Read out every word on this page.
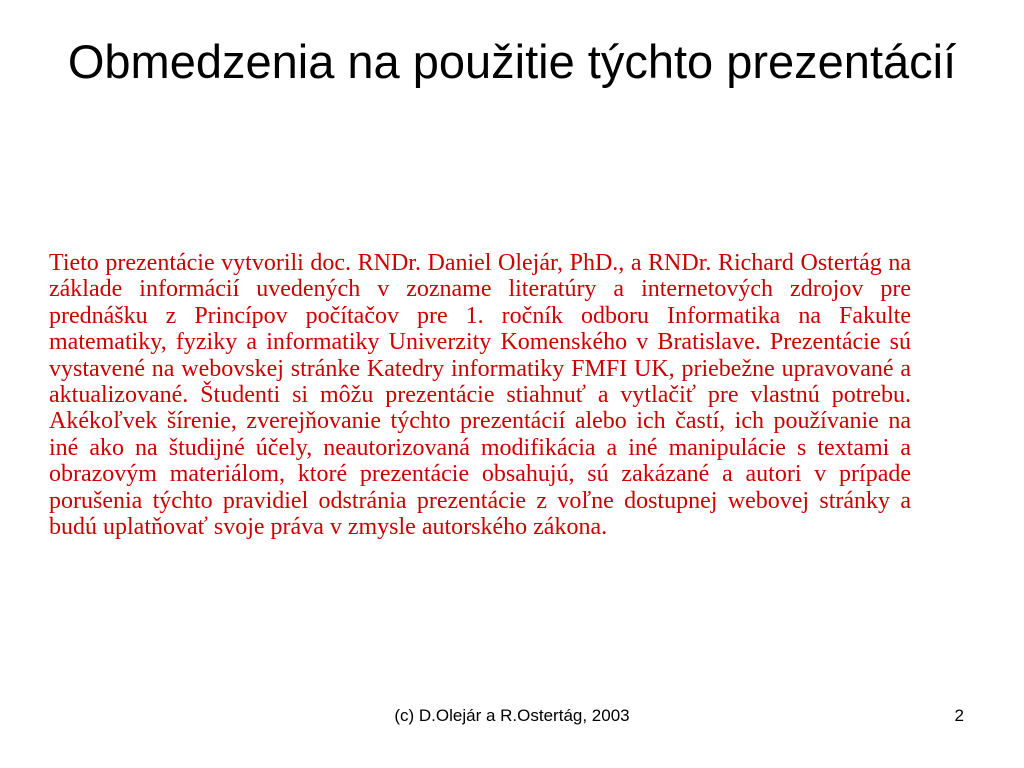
Obmedzenia na použitie týchto prezentácií

Tieto prezentácie vytvorili doc. RNDr. Daniel Olejár, PhD., a RNDr. Richard Ostertág na základe informácií uvedených v zozname literatúry a internetových zdrojov pre prednášku z Princípov počítačov pre 1. ročník odboru Informatika na Fakulte matematiky, fyziky a informatiky Univerzity Komenského v Bratislave. Prezentácie sú vystavené na webovskej stránke Katedry informatiky FMFI UK, priebežne upravované a aktualizované. Študenti si môžu prezentácie stiahnuť a vytlačiť pre vlastnú potrebu. Akékoľvek šírenie, zverejňovanie týchto prezentácií alebo ich častí, ich používanie na iné ako na študijné účely, neautorizovaná modifikácia a iné manipulácie s textami a obrazovým materiálom, ktoré prezentácie obsahujú, sú zakázané a autori v prípade porušenia týchto pravidiel odstránia prezentácie z voľne dostupnej webovej stránky a budú uplatňovať svoje práva v zmysle autorského zákona.

(c) D.Olejár a R.Ostertág, 2003	2
